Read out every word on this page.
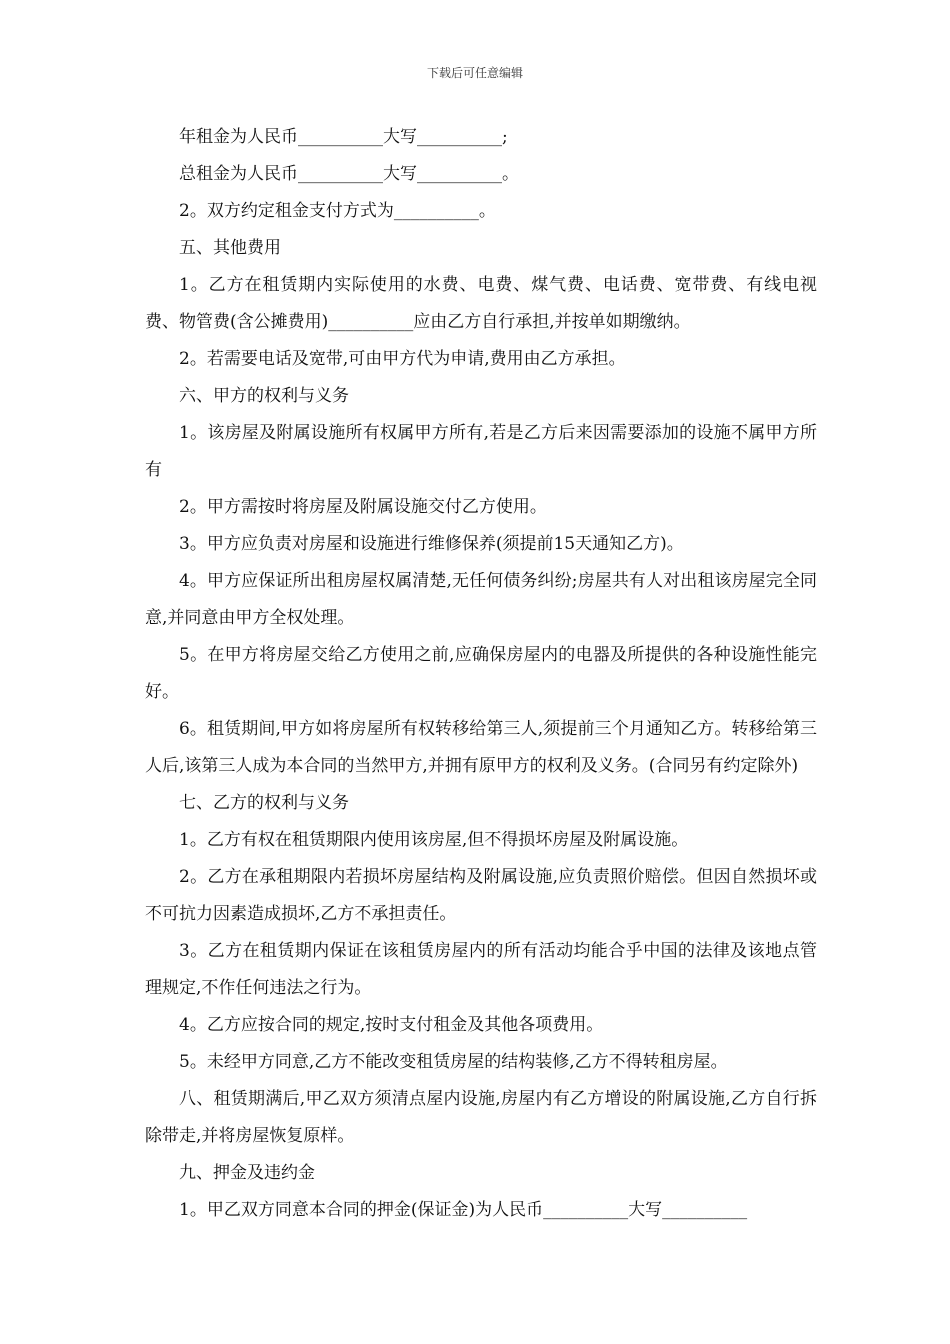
下载后可任意编辑

年租金为人民币__________大写__________;

总租金为人民币__________大写__________。

2。双方约定租金支付方式为__________。

五、其他费用

1。乙方在租赁期内实际使用的水费、电费、煤气费、电话费、宽带费、有线电视费、物管费(含公摊费用)__________应由乙方自行承担,并按单如期缴纳。

2。若需要电话及宽带,可由甲方代为申请,费用由乙方承担。

六、甲方的权利与义务

1。该房屋及附属设施所有权属甲方所有,若是乙方后来因需要添加的设施不属甲方所有

2。甲方需按时将房屋及附属设施交付乙方使用。

3。甲方应负责对房屋和设施进行维修保养(须提前15天通知乙方)。

4。甲方应保证所出租房屋权属清楚,无任何债务纠纷;房屋共有人对出租该房屋完全同意,并同意由甲方全权处理。

5。在甲方将房屋交给乙方使用之前,应确保房屋内的电器及所提供的各种设施性能完好。

6。租赁期间,甲方如将房屋所有权转移给第三人,须提前三个月通知乙方。转移给第三人后,该第三人成为本合同的当然甲方,并拥有原甲方的权利及义务。(合同另有约定除外)

七、乙方的权利与义务

1。乙方有权在租赁期限内使用该房屋,但不得损坏房屋及附属设施。

2。乙方在承租期限内若损坏房屋结构及附属设施,应负责照价赔偿。但因自然损坏或不可抗力因素造成损坏,乙方不承担责任。

3。乙方在租赁期内保证在该租赁房屋内的所有活动均能合乎中国的法律及该地点管理规定,不作任何违法之行为。

4。乙方应按合同的规定,按时支付租金及其他各项费用。

5。未经甲方同意,乙方不能改变租赁房屋的结构装修,乙方不得转租房屋。

八、租赁期满后,甲乙双方须清点屋内设施,房屋内有乙方增设的附属设施,乙方自行拆除带走,并将房屋恢复原样。

九、押金及违约金

1。甲乙双方同意本合同的押金(保证金)为人民币__________大写__________
